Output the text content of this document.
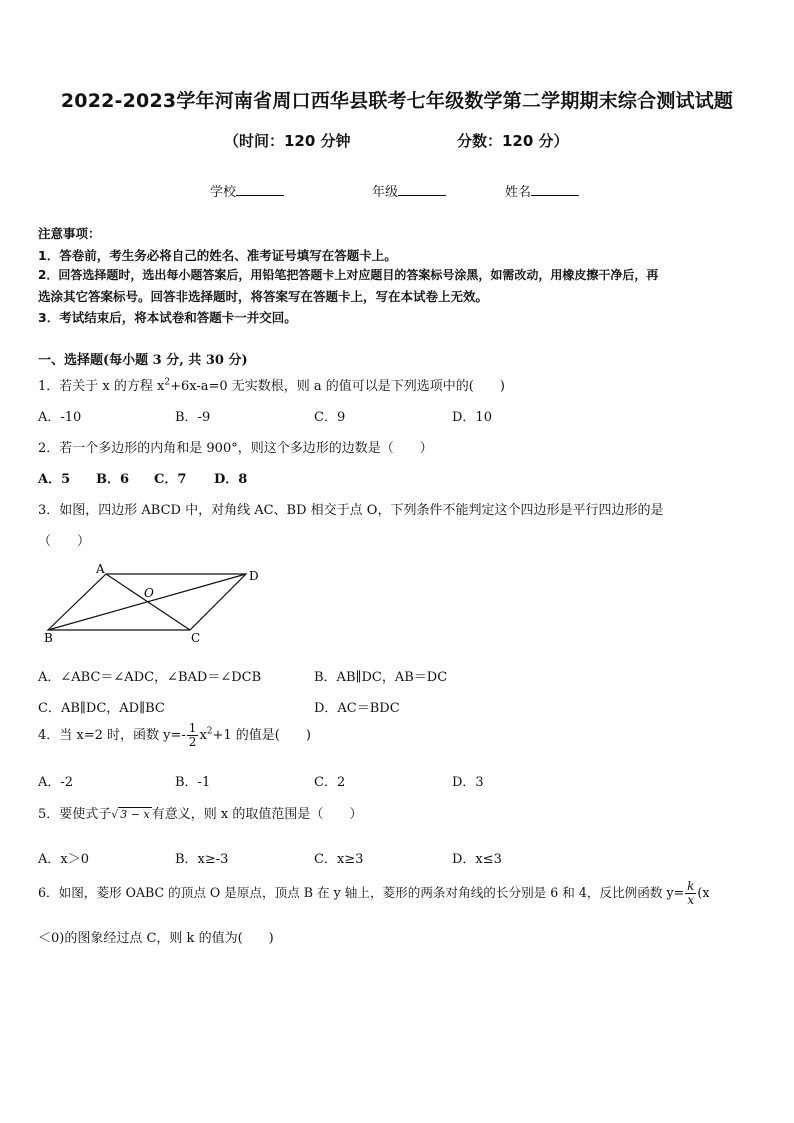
2022-2023学年河南省周口西华县联考七年级数学第二学期期末综合测试试题
（时间：120 分钟	分数：120 分）
学校	年级	姓名
注意事项：
1．答卷前，考生务必将自己的姓名、准考证号填写在答题卡上。
2．回答选择题时，选出每小题答案后，用铅笔把答题卡上对应题目的答案标号涂黑，如需改动，用橡皮擦干净后，再
选涂其它答案标号。回答非选择题时，将答案写在答题卡上，写在本试卷上无效。
3．考试结束后，将本试卷和答题卡一并交回。
一、选择题(每小题 3 分, 共 30 分)
1．若关于 x 的方程 $x^2+6x-a=0$ 无实数根，则 a 的值可以是下列选项中的(　　)
A．-10	B．-9	C．9	D．10
2．若一个多边形的内角和是 900°，则这个多边形的边数是（　　）
A．5 B．6 C．7 D．8
3．如图，四边形 ABCD 中，对角线 AC、BD 相交于点 O，下列条件不能判定这个四边形是平行四边形的是
（　　）
A	D
B	C
O
A．∠ABC＝∠ADC，∠BAD＝∠DCB	B．AB∥DC，AB＝DC
C．AB∥DC，AD∥BC	D．AC＝BDC
4．当 x=2 时，函数 $y=- \frac{1}{2} x^2+1$ 的值是(　　)
A．-2	B．-1	C．2	D．3
5．要使式子√ 3 − x 有意义，则 x 的取值范围是（　　）
A．x＞0	B．x≥-3	C．x≥3	D．x≤3
6．如图，菱形 OABC 的顶点 O 是原点，顶点 B 在 y 轴上，菱形的两条对角线的长分别是 6 和 4，反比例函数 $y= \frac{k}{x} (x$
＜0)的图象经过点 C，则 k 的值为(　　)
